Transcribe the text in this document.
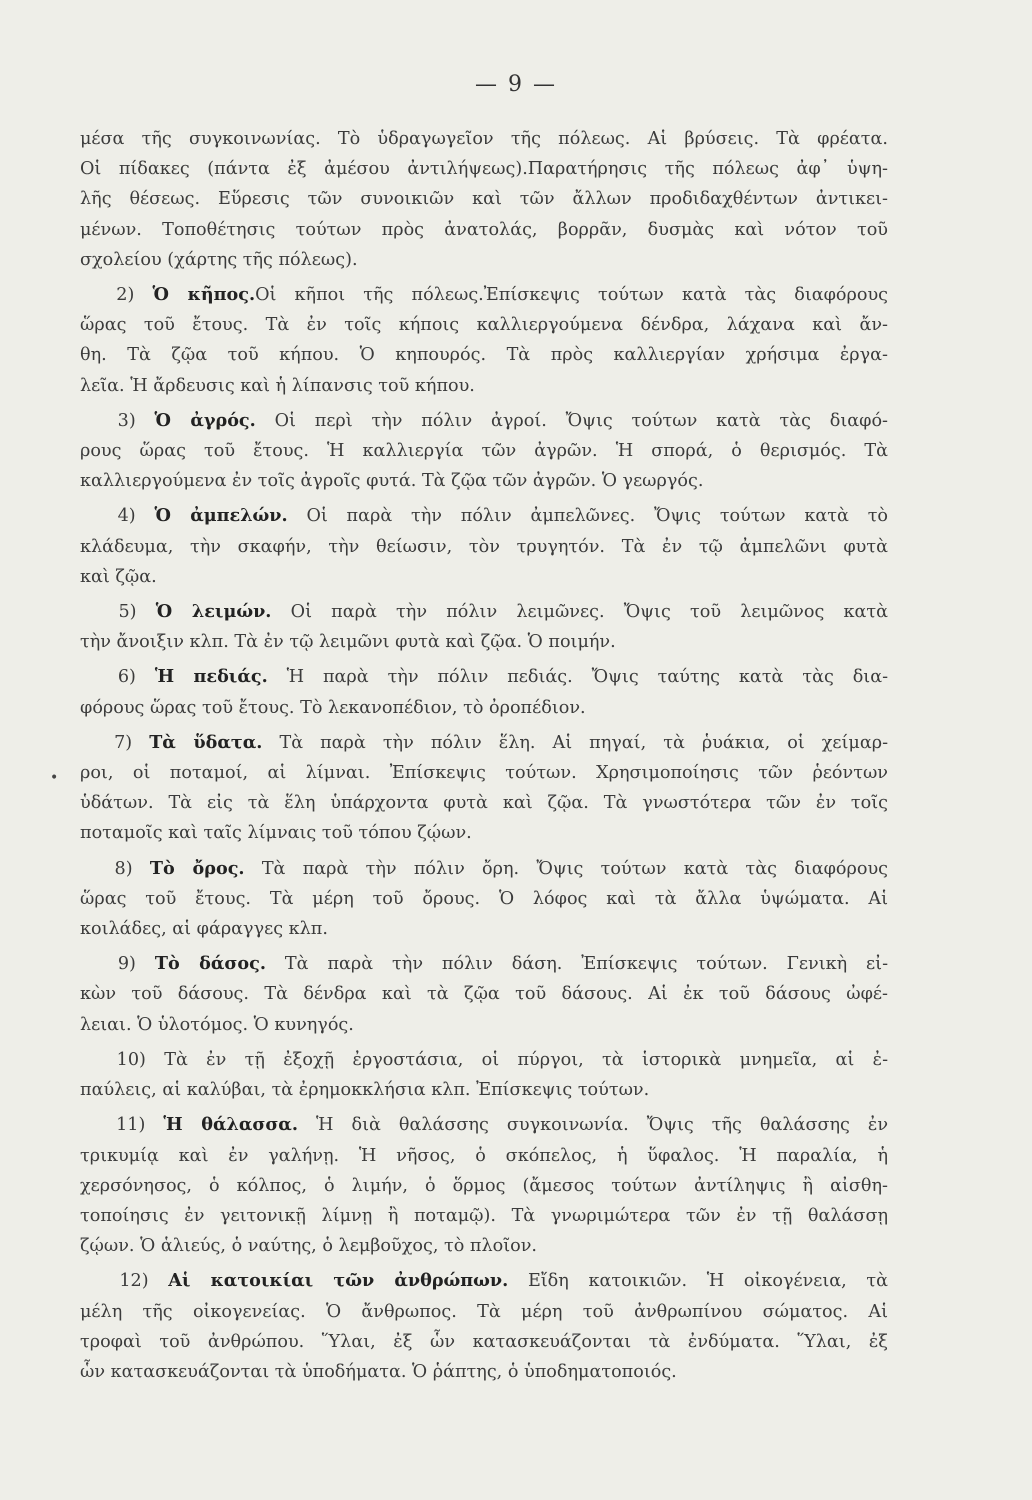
— 9 —
•
μέσα τῆς συγκοινωνίας. Τὸ ὑδραγωγεῖον τῆς πόλεως. Αἱ βρύσεις. Τὰ φρέατα.
Οἱ πίδακες (πάντα ἐξ ἀμέσου ἀντιλήψεως).Παρατήρησις τῆς πόλεως ἀφ᾽ ὑψη-
λῆς θέσεως. Εὕρεσις τῶν συνοικιῶν καὶ τῶν ἄλλων προδιδαχθέντων ἀντικει-
μένων. Τοποθέτησις τούτων πρὸς ἀνατολάς, βορρᾶν, δυσμὰς καὶ νότον τοῦ
σχολείου (χάρτης τῆς πόλεως).
2) Ὁ κῆπος.Οἱ κῆποι τῆς πόλεως.Ἐπίσκεψις τούτων κατὰ τὰς διαφόρους
ὥρας τοῦ ἔτους. Τὰ ἐν τοῖς κήποις καλλιεργούμενα δένδρα, λάχανα καὶ ἄν-
θη. Τὰ ζῷα τοῦ κήπου. Ὁ κηπουρός. Τὰ πρὸς καλλιεργίαν χρήσιμα ἐργα-
λεῖα. Ἡ ἄρδευσις καὶ ἡ λίπανσις τοῦ κήπου.
3) Ὁ ἀγρός. Οἱ περὶ τὴν πόλιν ἀγροί. Ὄψις τούτων κατὰ τὰς διαφό-
ρους ὥρας τοῦ ἔτους. Ἡ καλλιεργία τῶν ἀγρῶν. Ἡ σπορά, ὁ θερισμός. Τὰ
καλλιεργούμενα ἐν τοῖς ἀγροῖς φυτά. Τὰ ζῷα τῶν ἀγρῶν. Ὁ γεωργός.
4) Ὁ ἀμπελών. Οἱ παρὰ τὴν πόλιν ἀμπελῶνες. Ὄψις τούτων κατὰ τὸ
κλάδευμα, τὴν σκαφήν, τὴν θείωσιν, τὸν τρυγητόν. Τὰ ἐν τῷ ἀμπελῶνι φυτὰ
καὶ ζῷα.
5) Ὁ λειμών. Οἱ παρὰ τὴν πόλιν λειμῶνες. Ὄψις τοῦ λειμῶνος κατὰ
τὴν ἄνοιξιν κλπ. Τὰ ἐν τῷ λειμῶνι φυτὰ καὶ ζῷα. Ὁ ποιμήν.
6) Ἡ πεδιάς. Ἡ παρὰ τὴν πόλιν πεδιάς. Ὄψις ταύτης κατὰ τὰς δια-
φόρους ὥρας τοῦ ἔτους. Τὸ λεκανοπέδιον, τὸ ὀροπέδιον.
7) Τὰ ὕδατα. Τὰ παρὰ τὴν πόλιν ἕλη. Αἱ πηγαί, τὰ ῥυάκια, οἱ χείμαρ-
ροι, οἱ ποταμοί, αἱ λίμναι. Ἐπίσκεψις τούτων. Χρησιμοποίησις τῶν ῥεόντων
ὑδάτων. Τὰ εἰς τὰ ἕλη ὑπάρχοντα φυτὰ καὶ ζῷα. Τὰ γνωστότερα τῶν ἐν τοῖς
ποταμοῖς καὶ ταῖς λίμναις τοῦ τόπου ζῴων.
8) Τὸ ὄρος. Τὰ παρὰ τὴν πόλιν ὄρη. Ὄψις τούτων κατὰ τὰς διαφόρους
ὥρας τοῦ ἔτους. Τὰ μέρη τοῦ ὄρους. Ὁ λόφος καὶ τὰ ἄλλα ὑψώματα. Αἱ
κοιλάδες, αἱ φάραγγες κλπ.
9) Τὸ δάσος. Τὰ παρὰ τὴν πόλιν δάση. Ἐπίσκεψις τούτων. Γενικὴ εἰ-
κὼν τοῦ δάσους. Τὰ δένδρα καὶ τὰ ζῷα τοῦ δάσους. Αἱ ἐκ τοῦ δάσους ὠφέ-
λειαι. Ὁ ὑλοτόμος. Ὁ κυνηγός.
10) Τὰ ἐν τῇ ἐξοχῇ ἐργοστάσια, οἱ πύργοι, τὰ ἱστορικὰ μνημεῖα, αἱ ἐ-
παύλεις, αἱ καλύβαι, τὰ ἐρημοκκλήσια κλπ. Ἐπίσκεψις τούτων.
11) Ἡ θάλασσα. Ἡ διὰ θαλάσσης συγκοινωνία. Ὄψις τῆς θαλάσσης ἐν
τρικυμίᾳ καὶ ἐν γαλήνῃ. Ἡ νῆσος, ὁ σκόπελος, ἡ ὕφαλος. Ἡ παραλία, ἡ
χερσόνησος, ὁ κόλπος, ὁ λιμήν, ὁ ὅρμος (ἄμεσος τούτων ἀντίληψις ἢ αἰσθη-
τοποίησις ἐν γειτονικῇ λίμνῃ ἢ ποταμῷ). Τὰ γνωριμώτερα τῶν ἐν τῇ θαλάσσῃ
ζῴων. Ὁ ἁλιεύς, ὁ ναύτης, ὁ λεμβοῦχος, τὸ πλοῖον.
12) Αἱ κατοικίαι τῶν ἀνθρώπων. Εἴδη κατοικιῶν. Ἡ οἰκογένεια, τὰ
μέλη τῆς οἰκογενείας. Ὁ ἄνθρωπος. Τὰ μέρη τοῦ ἀνθρωπίνου σώματος. Αἱ
τροφαὶ τοῦ ἀνθρώπου. Ὕλαι, ἐξ ὧν κατασκευάζονται τὰ ἐνδύματα. Ὕλαι, ἐξ
ὧν κατασκευάζονται τὰ ὑποδήματα. Ὁ ῥάπτης, ὁ ὑποδηματοποιός.
